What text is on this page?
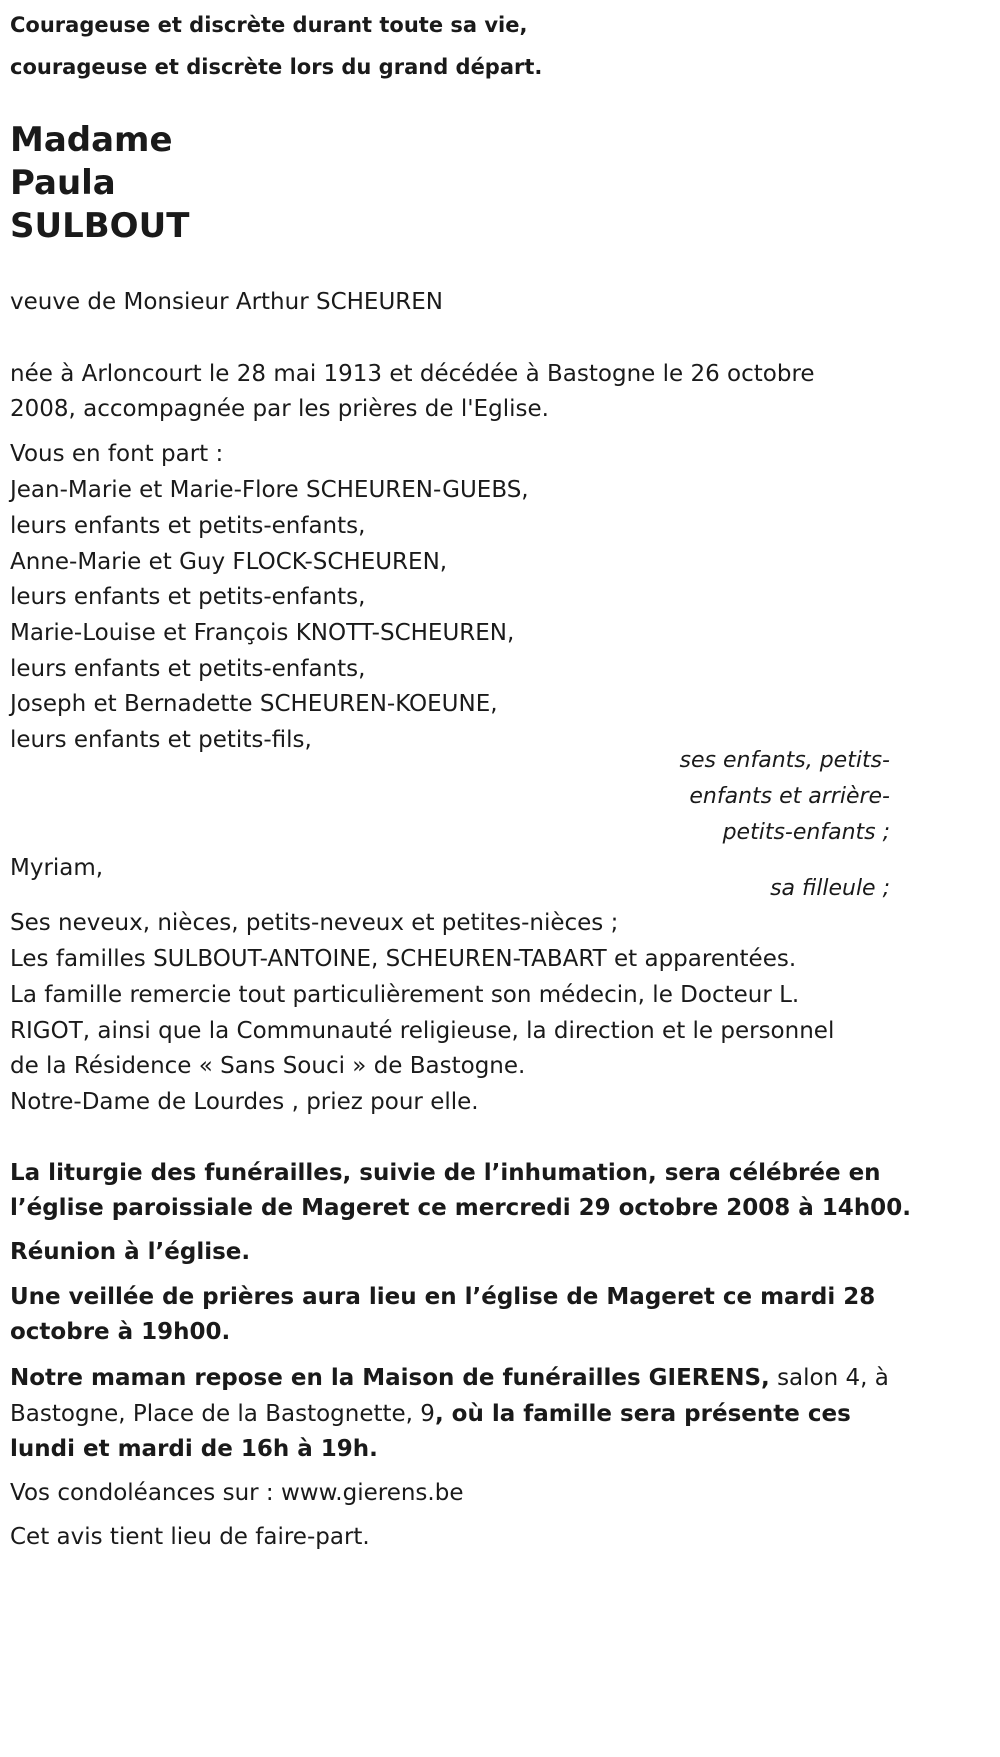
Courageuse et discrète durant toute sa vie,
courageuse et discrète lors du grand départ.
Madame
Paula
SULBOUT
veuve de Monsieur Arthur SCHEUREN
née à Arloncourt le 28 mai 1913 et décédée à Bastogne le 26 octobre
2008, accompagnée par les prières de l'Eglise.
Vous en font part :
Jean-Marie et Marie-Flore SCHEUREN-GUEBS,
leurs enfants et petits-enfants,
Anne-Marie et Guy FLOCK-SCHEUREN,
leurs enfants et petits-enfants,
Marie-Louise et François KNOTT-SCHEUREN,
leurs enfants et petits-enfants,
Joseph et Bernadette SCHEUREN-KOEUNE,
leurs enfants et petits-fils,
ses enfants, petits-
enfants et arrière-
petits-enfants ;
Myriam,
sa filleule ;
Ses neveux, nièces, petits-neveux et petites-nièces ;
Les familles SULBOUT-ANTOINE, SCHEUREN-TABART et apparentées.
La famille remercie tout particulièrement son médecin, le Docteur L.
RIGOT, ainsi que la Communauté religieuse, la direction et le personnel
de la Résidence « Sans Souci » de Bastogne.
Notre-Dame de Lourdes , priez pour elle.
La liturgie des funérailles, suivie de l’inhumation, sera célébrée en
l’église paroissiale de Mageret ce mercredi 29 octobre 2008 à 14h00.
Réunion à l’église.
Une veillée de prières aura lieu en l’église de Mageret ce mardi 28
octobre à 19h00.
Notre maman repose en la Maison de funérailles GIERENS, salon 4, à
Bastogne, Place de la Bastognette, 9, où la famille sera présente ces
lundi et mardi de 16h à 19h.
Vos condoléances sur : www.gierens.be
Cet avis tient lieu de faire-part.
